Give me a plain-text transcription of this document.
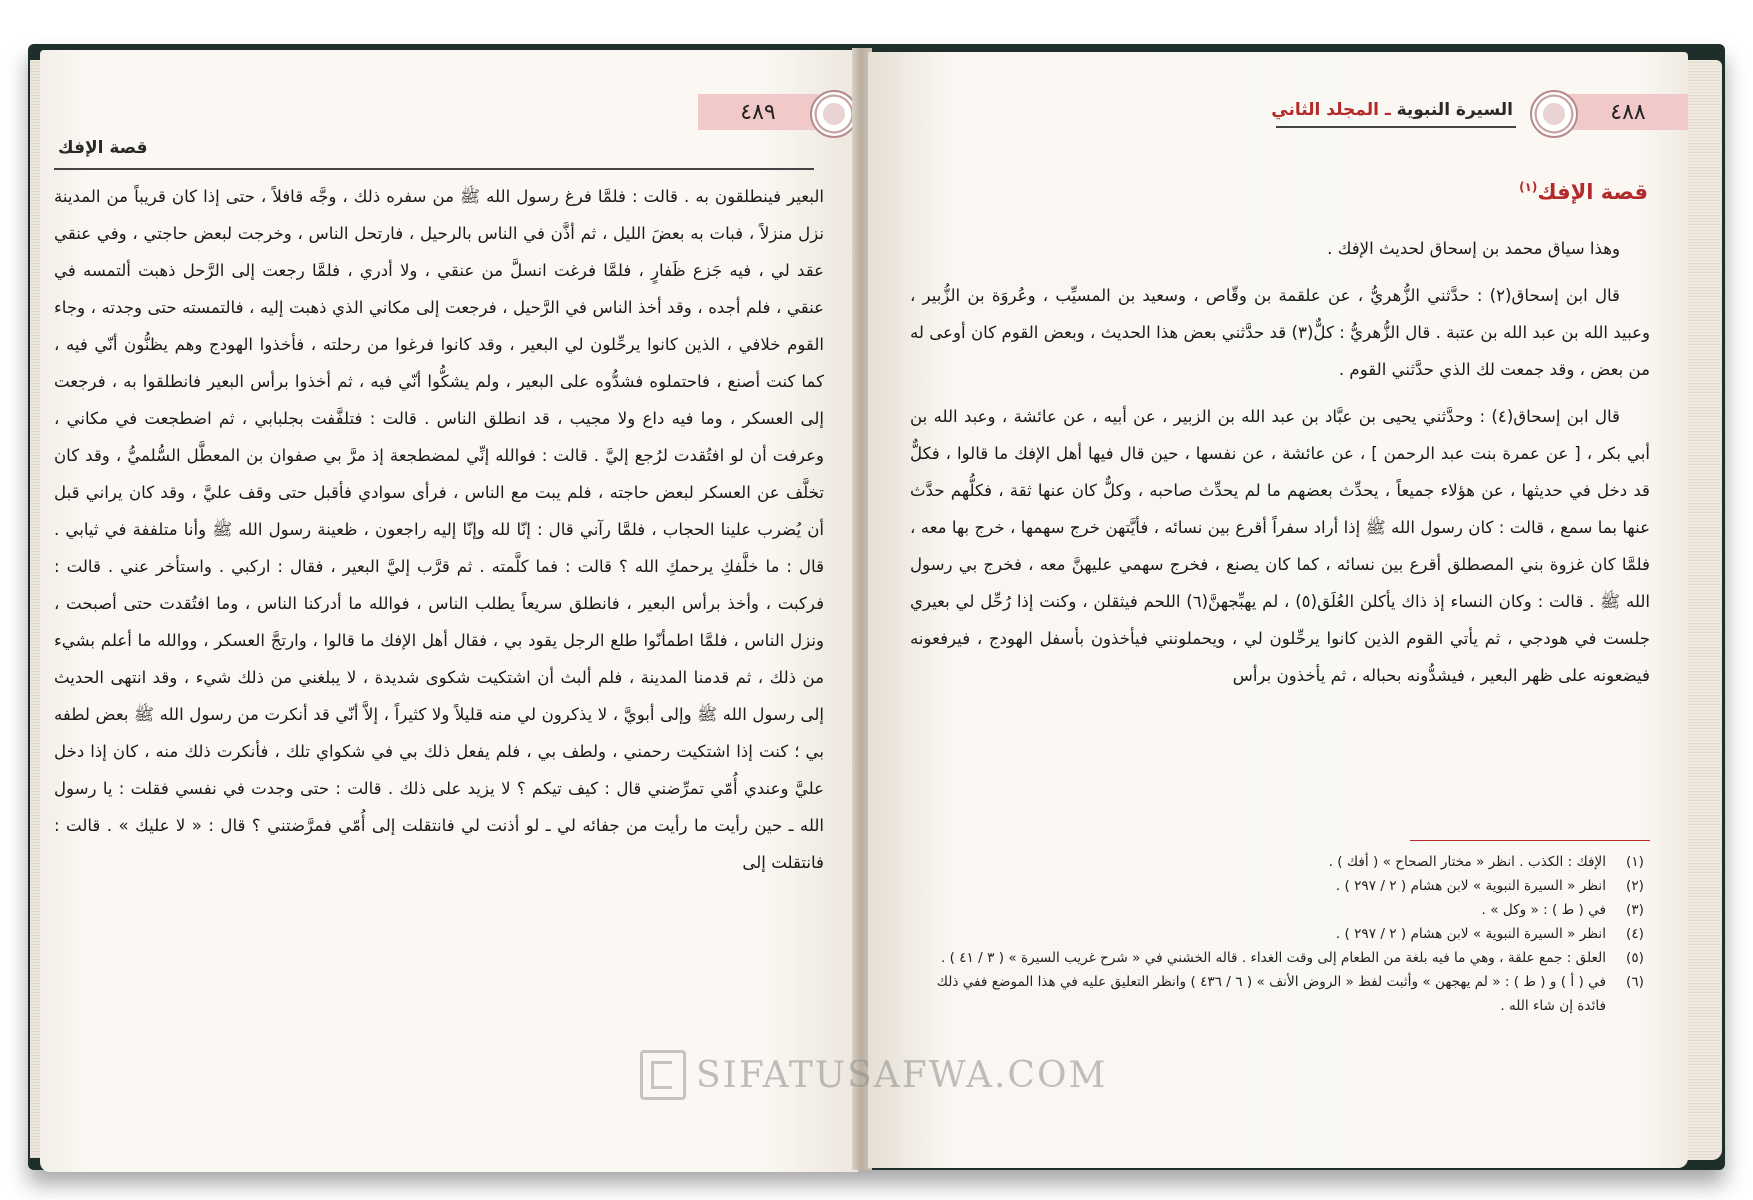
٤٨٩
قصة الإفك

البعير فينطلقون به . قالت : فلمَّا فرغ رسول الله ﷺ من سفره ذلك ، وجَّه قافلاً ، حتى إذا كان قريباً من المدينة نزل منزلاً ، فبات به بعضَ الليل ، ثم أذَّن في الناس بالرحيل ، فارتحل الناس ، وخرجت لبعض حاجتي ، وفي عنقي عقد لي ، فيه جَزع ظَفارٍ ، فلمَّا فرغت انسلَّ من عنقي ، ولا أدري ، فلمَّا رجعت إلى الرَّحل ذهبت ألتمسه في عنقي ، فلم أجده ، وقد أخذ الناس في الرَّحيل ، فرجعت إلى مكاني الذي ذهبت إليه ، فالتمسته حتى وجدته ، وجاء القوم خلافي ، الذين كانوا يرحِّلون لي البعير ، وقد كانوا فرغوا من رحلته ، فأخذوا الهودج وهم يظنُّون أنّي فيه ، كما كنت أصنع ، فاحتملوه فشدُّوه على البعير ، ولم يشكُّوا أنّي فيه ، ثم أخذوا برأس البعير فانطلقوا به ، فرجعت إلى العسكر ، وما فيه داع ولا مجيب ، قد انطلق الناس . قالت : فتلفَّفت بجلبابي ، ثم اضطجعت في مكاني ، وعرفت أن لو افتُقدت لرُجع إليَّ . قالت : فوالله إنِّي لمضطجعة إذ مرَّ بي صفوان بن المعطَّل السُّلميُّ ، وقد كان تخلَّف عن العسكر لبعض حاجته ، فلم يبت مع الناس ، فرأى سوادي فأقبل حتى وقف عليَّ ، وقد كان يراني قبل أن يُضرب علينا الحجاب ، فلمَّا رآني قال : إنّا لله وإنّا إليه راجعون ، ظعينة رسول الله ﷺ وأنا متلففة في ثيابي . قال : ما خلَّفكِ يرحمكِ الله ؟ قالت : فما كلَّمته . ثم قرَّب إليَّ البعير ، فقال : اركبي . واستأخر عني . قالت : فركبت ، وأخذ برأس البعير ، فانطلق سريعاً يطلب الناس ، فوالله ما أدركنا الناس ، وما افتُقدت حتى أصبحت ، ونزل الناس ، فلمَّا اطمأنّوا طلع الرجل يقود بي ، فقال أهل الإفك ما قالوا ، وارتجَّ العسكر ، ووالله ما أعلم بشيء من ذلك ، ثم قدمنا المدينة ، فلم ألبث أن اشتكيت شكوى شديدة ، لا يبلغني من ذلك شيء ، وقد انتهى الحديث إلى رسول الله ﷺ وإلى أبويَّ ، لا يذكرون لي منه قليلاً ولا كثيراً ، إلاَّ أنّي قد أنكرت من رسول الله ﷺ بعض لطفه بي ؛ كنت إذا اشتكيت رحمني ، ولطف بي ، فلم يفعل ذلك بي في شكواي تلك ، فأنكرت ذلك منه ، كان إذا دخل عليَّ وعندي أُمّي تمرِّضني قال : كيف تيكم ؟ لا يزيد على ذلك . قالت : حتى وجدت في نفسي فقلت : يا رسول الله ـ حين رأيت ما رأيت من جفائه لي ـ لو أذنت لي فانتقلت إلى أُمّي فمرَّضتني ؟ قال : « لا عليك » . قالت : فانتقلت إلى

٤٨٨
السيرة النبوية ـ المجلد الثاني
قصة الإفك$^{(١)}$

وهذا سياق محمد بن إسحاق لحديث الإفك .

قال ابن إسحاق(٢) : حدَّثني الزُّهريُّ ، عن علقمة بن وقّاص ، وسعيد بن المسيِّب ، وعُروَة بن الزُّبير ، وعبيد الله بن عبد الله بن عتبة . قال الزُّهريُّ : كلٌّ(٣) قد حدَّثني بعض هذا الحديث ، وبعض القوم كان أوعى له من بعض ، وقد جمعت لك الذي حدَّثني القوم .

قال ابن إسحاق(٤) : وحدَّثني يحيى بن عبَّاد بن عبد الله بن الزبير ، عن أبيه ، عن عائشة ، وعبد الله بن أبي بكر ، [ عن عمرة بنت عبد الرحمن ] ، عن عائشة ، عن نفسها ، حين قال فيها أهل الإفك ما قالوا ، فكلٌّ قد دخل في حديثها ، عن هؤلاء جميعاً ، يحدِّث بعضهم ما لم يحدِّث صاحبه ، وكلٌّ كان عنها ثقة ، فكلُّهم حدَّث عنها بما سمع ، قالت : كان رسول الله ﷺ إذا أراد سفراً أقرع بين نسائه ، فأيَّتهن خرج سهمها ، خرج بها معه ، فلمَّا كان غزوة بني المصطلق أقرع بين نسائه ، كما كان يصنع ، فخرج سهمي عليهنَّ معه ، فخرج بي رسول الله ﷺ . قالت : وكان النساء إذ ذاك يأكلن العُلَق(٥) ، لم يهبِّجهنَّ(٦) اللحم فيثقلن ، وكنت إذا رُحِّل لي بعيري جلست في هودجي ، ثم يأتي القوم الذين كانوا يرحِّلون لي ، ويحملونني فيأخذون بأسفل الهودج ، فيرفعونه فيضعونه على ظهر البعير ، فيشدُّونه بحباله ، ثم يأخذون برأس

(١)
الإفك : الكذب . انظر « مختار الصحاح » ( أفك ) .
(٢)
انظر « السيرة النبوية » لابن هشام ( ٢ / ٢٩٧ ) .
(٣)
في ( ط ) : « وكل » .
(٤)
انظر « السيرة النبوية » لابن هشام ( ٢ / ٢٩٧ ) .
(٥)
العلق : جمع علقة ، وهي ما فيه بلغة من الطعام إلى وقت الغداء . قاله الخشني في « شرح غريب السيرة » ( ٣ / ٤١ ) .
(٦)
في ( أ ) و ( ط ) : « لم يهجهن » وأثبت لفظ « الروض الأنف » ( ٦ / ٤٣٦ ) وانظر التعليق عليه في هذا الموضع ففي ذلك فائدة إن شاء الله .
SIFATUSAFWA.COM
